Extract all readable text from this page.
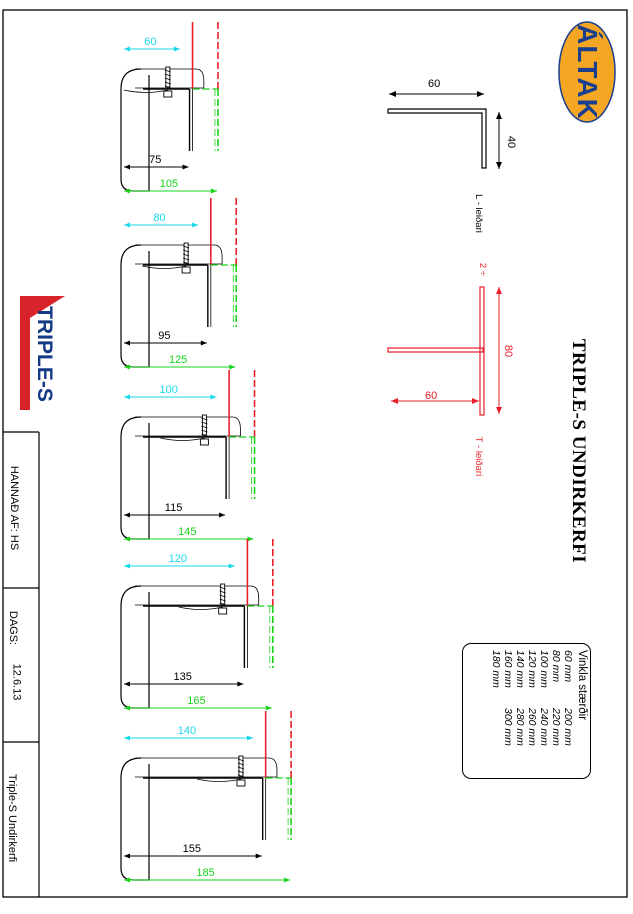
60
75
105
80
95
125
100
115
145
120
135
165
140
155
185
60
40
L - leiðari
2 ÷
60
80
T - leiðari	TRIPLE-S UNDIRKERFI
Vinkla stærðir
60 mm200 mm
80 mm220 mm
100 mm240 mm
120 mm260 mm
140 mm280 mm
160 mm300 mm
180 mm
ÁLTAK
TRIPLE-S
HANNAÐ AF: HS
DAGS:
12.6.13
Triple-S Undirkerfi
